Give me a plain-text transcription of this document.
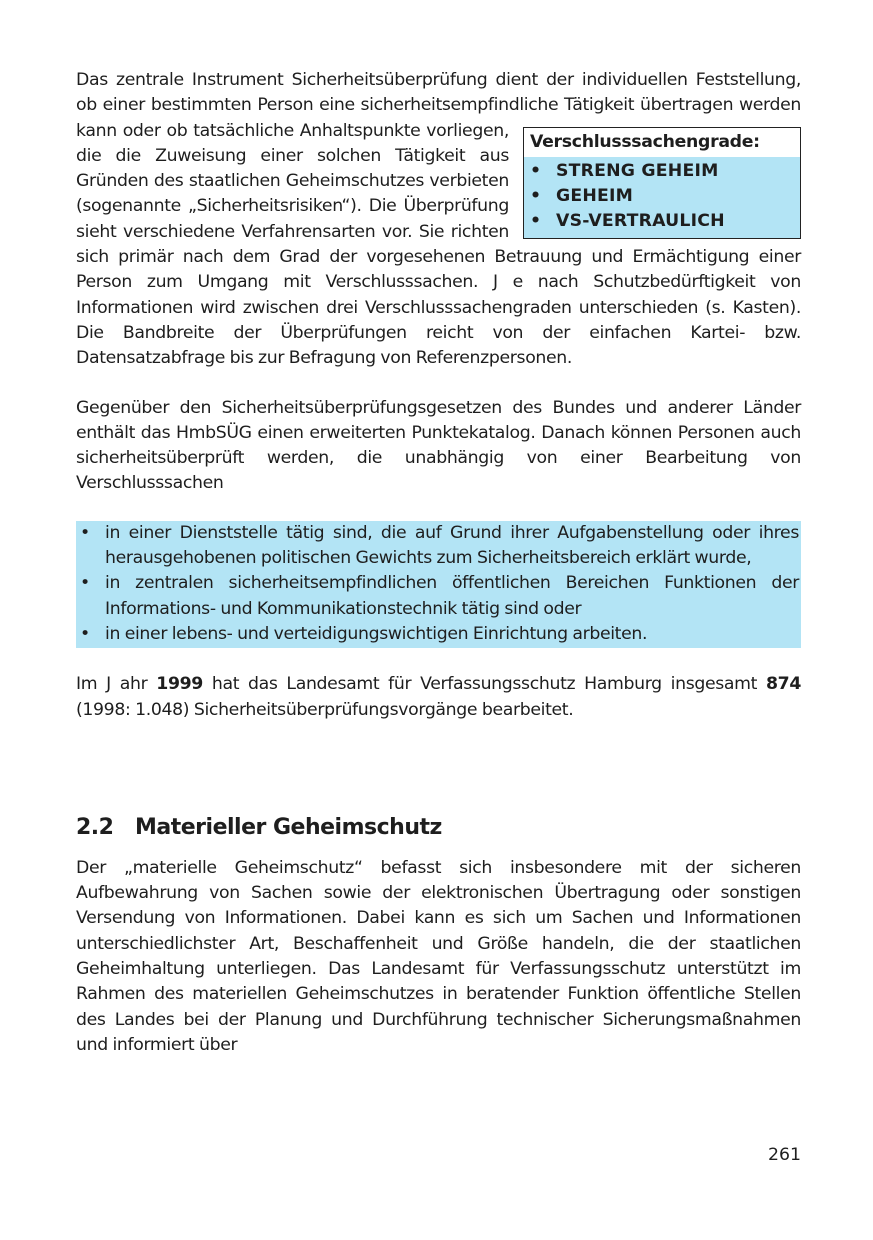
Verschlusssachengrade:
• STRENG GEHEIM
• GEHEIM
• VS-VERTRAULICH

Das zentrale Instrument Sicherheitsüberprüfung dient der individuellen Feststellung, ob einer bestimmten Person eine sicherheitsempfindliche Tätigkeit übertragen werden kann oder ob tatsächliche Anhaltspunkte vorliegen, die die Zuweisung einer solchen Tätigkeit aus Gründen des staatlichen Geheimschutzes verbieten (sogenannte „Sicherheitsrisiken“). Die Überprüfung sieht verschiedene Verfahrensarten vor. Sie richten sich primär nach dem Grad der vorgesehenen Betrauung und Ermächtigung einer Person zum Umgang mit Verschlusssachen. J e nach Schutzbedürftigkeit von Informationen wird zwischen drei Verschlusssachengraden unterschieden (s. Kasten). Die Bandbreite der Überprüfungen reicht von der einfachen Kartei- bzw. Datensatzabfrage bis zur Befragung von Referenzpersonen.

Gegenüber den Sicherheitsüberprüfungsgesetzen des Bundes und anderer Länder enthält das HmbSÜG einen erweiterten Punktekatalog. Danach können Personen auch sicherheitsüberprüft werden, die unabhängig von einer Bearbeitung von Verschlusssachen

• in einer Dienststelle tätig sind, die auf Grund ihrer Aufgabenstellung oder ihres herausgehobenen politischen Gewichts zum Sicherheitsbereich erklärt wurde,
• in zentralen sicherheitsempfindlichen öffentlichen Bereichen Funktionen der Informations- und Kommunikationstechnik tätig sind oder
• in einer lebens- und verteidigungswichtigen Einrichtung arbeiten.

Im J ahr 1999 hat das Landesamt für Verfassungsschutz Hamburg insgesamt 874 (1998: 1.048) Sicherheitsüberprüfungsvorgänge bearbeitet.

2.2 Materieller Geheimschutz

Der „materielle Geheimschutz“ befasst sich insbesondere mit der sicheren Aufbewahrung von Sachen sowie der elektronischen Übertragung oder sonstigen Versendung von Informationen. Dabei kann es sich um Sachen und Informationen unterschiedlichster Art, Beschaffenheit und Größe handeln, die der staatlichen Geheimhaltung unterliegen. Das Landesamt für Verfassungsschutz unterstützt im Rahmen des materiellen Geheimschutzes in beratender Funktion öffentliche Stellen des Landes bei der Planung und Durchführung technischer Sicherungsmaßnahmen und informiert über

261
